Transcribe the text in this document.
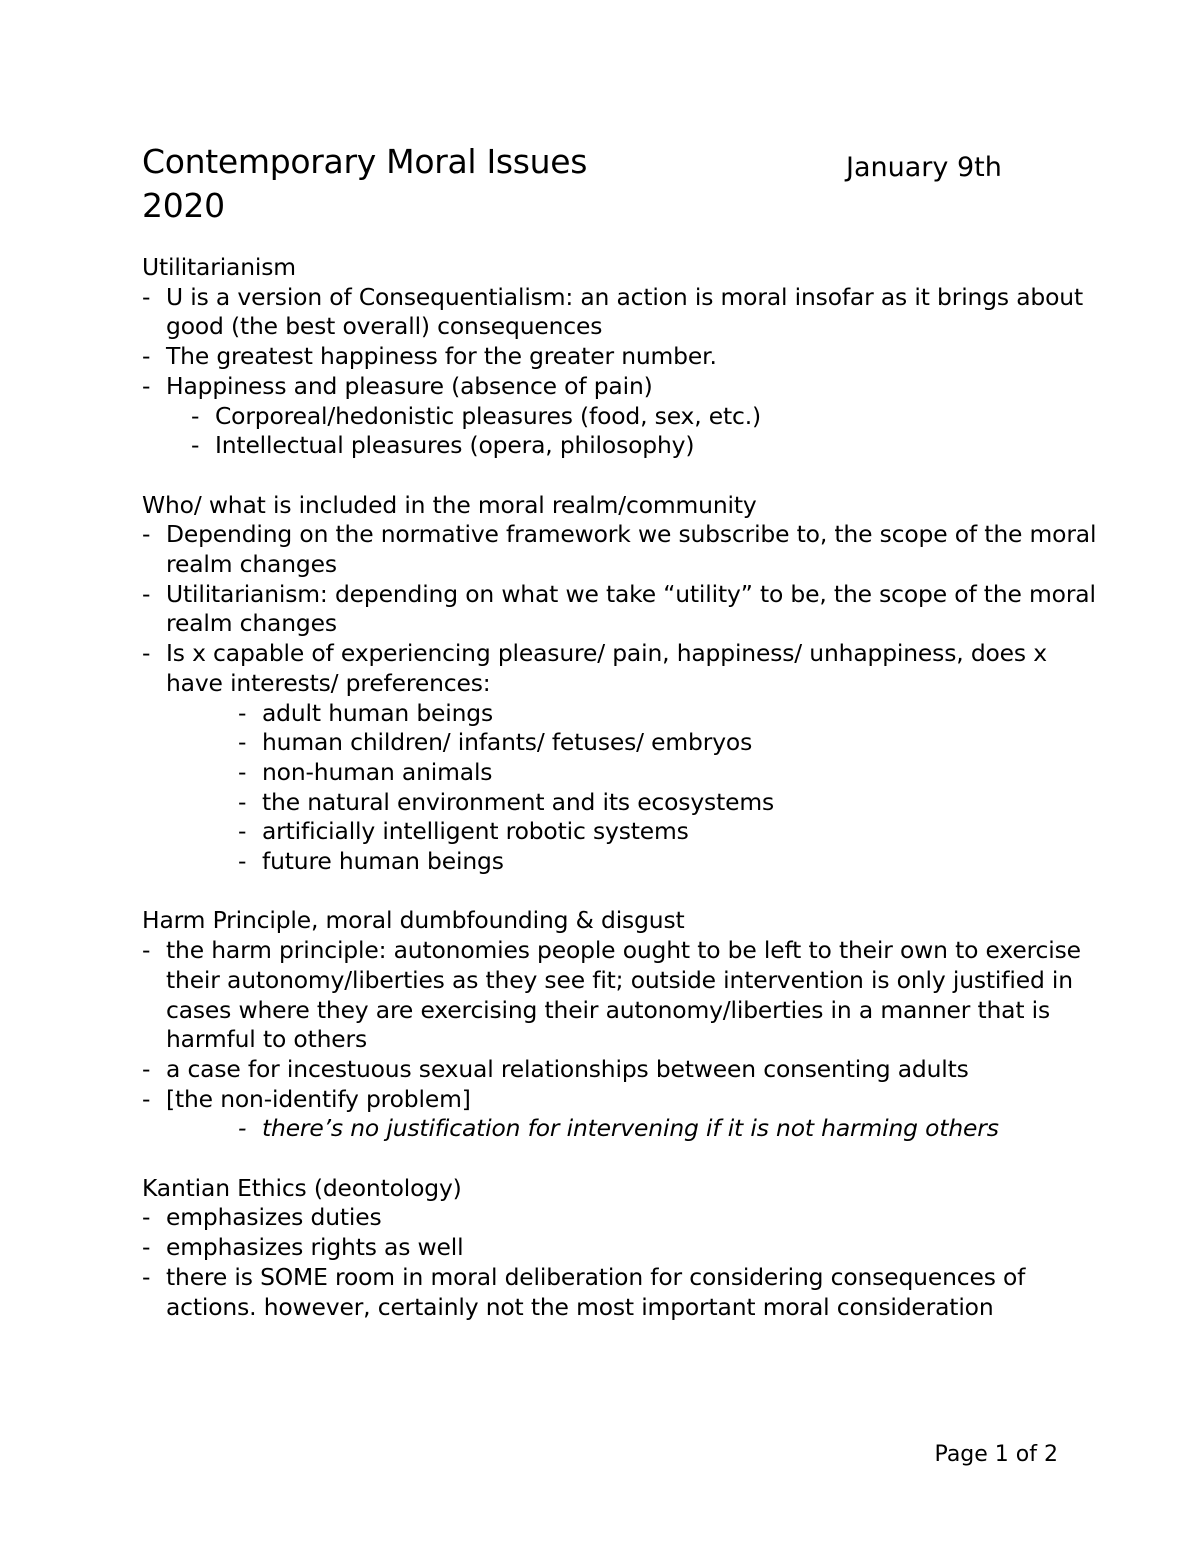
Contemporary Moral Issues
2020
January 9th

Utilitarianism

- U is a version of Consequentialism: an action is moral insofar as it brings about good (the best overall) consequences
- The greatest happiness for the greater number.
- Happiness and pleasure (absence of pain)
- Corporeal/hedonistic pleasures (food, sex, etc.)
- Intellectual pleasures (opera, philosophy)

Who/ what is included in the moral realm/community

- Depending on the normative framework we subscribe to, the scope of the moral realm changes
- Utilitarianism: depending on what we take “utility” to be, the scope of the moral realm changes
- Is x capable of experiencing pleasure/ pain, happiness/ unhappiness, does x have interests/ preferences:
- adult human beings
- human children/ infants/ fetuses/ embryos
- non-human animals
- the natural environment and its ecosystems
- artificially intelligent robotic systems
- future human beings

Harm Principle, moral dumbfounding & disgust

- the harm principle: autonomies people ought to be left to their own to exercise their autonomy/liberties as they see fit; outside intervention is only justified in cases where they are exercising their autonomy/liberties in a manner that is harmful to others
- a case for incestuous sexual relationships between consenting adults
- [the non-identify problem]
- there’s no justification for intervening if it is not harming others

Kantian Ethics (deontology)

- emphasizes duties
- emphasizes rights as well
- there is SOME room in moral deliberation for considering consequences of actions. however, certainly not the most important moral consideration
Page 1 of 2
